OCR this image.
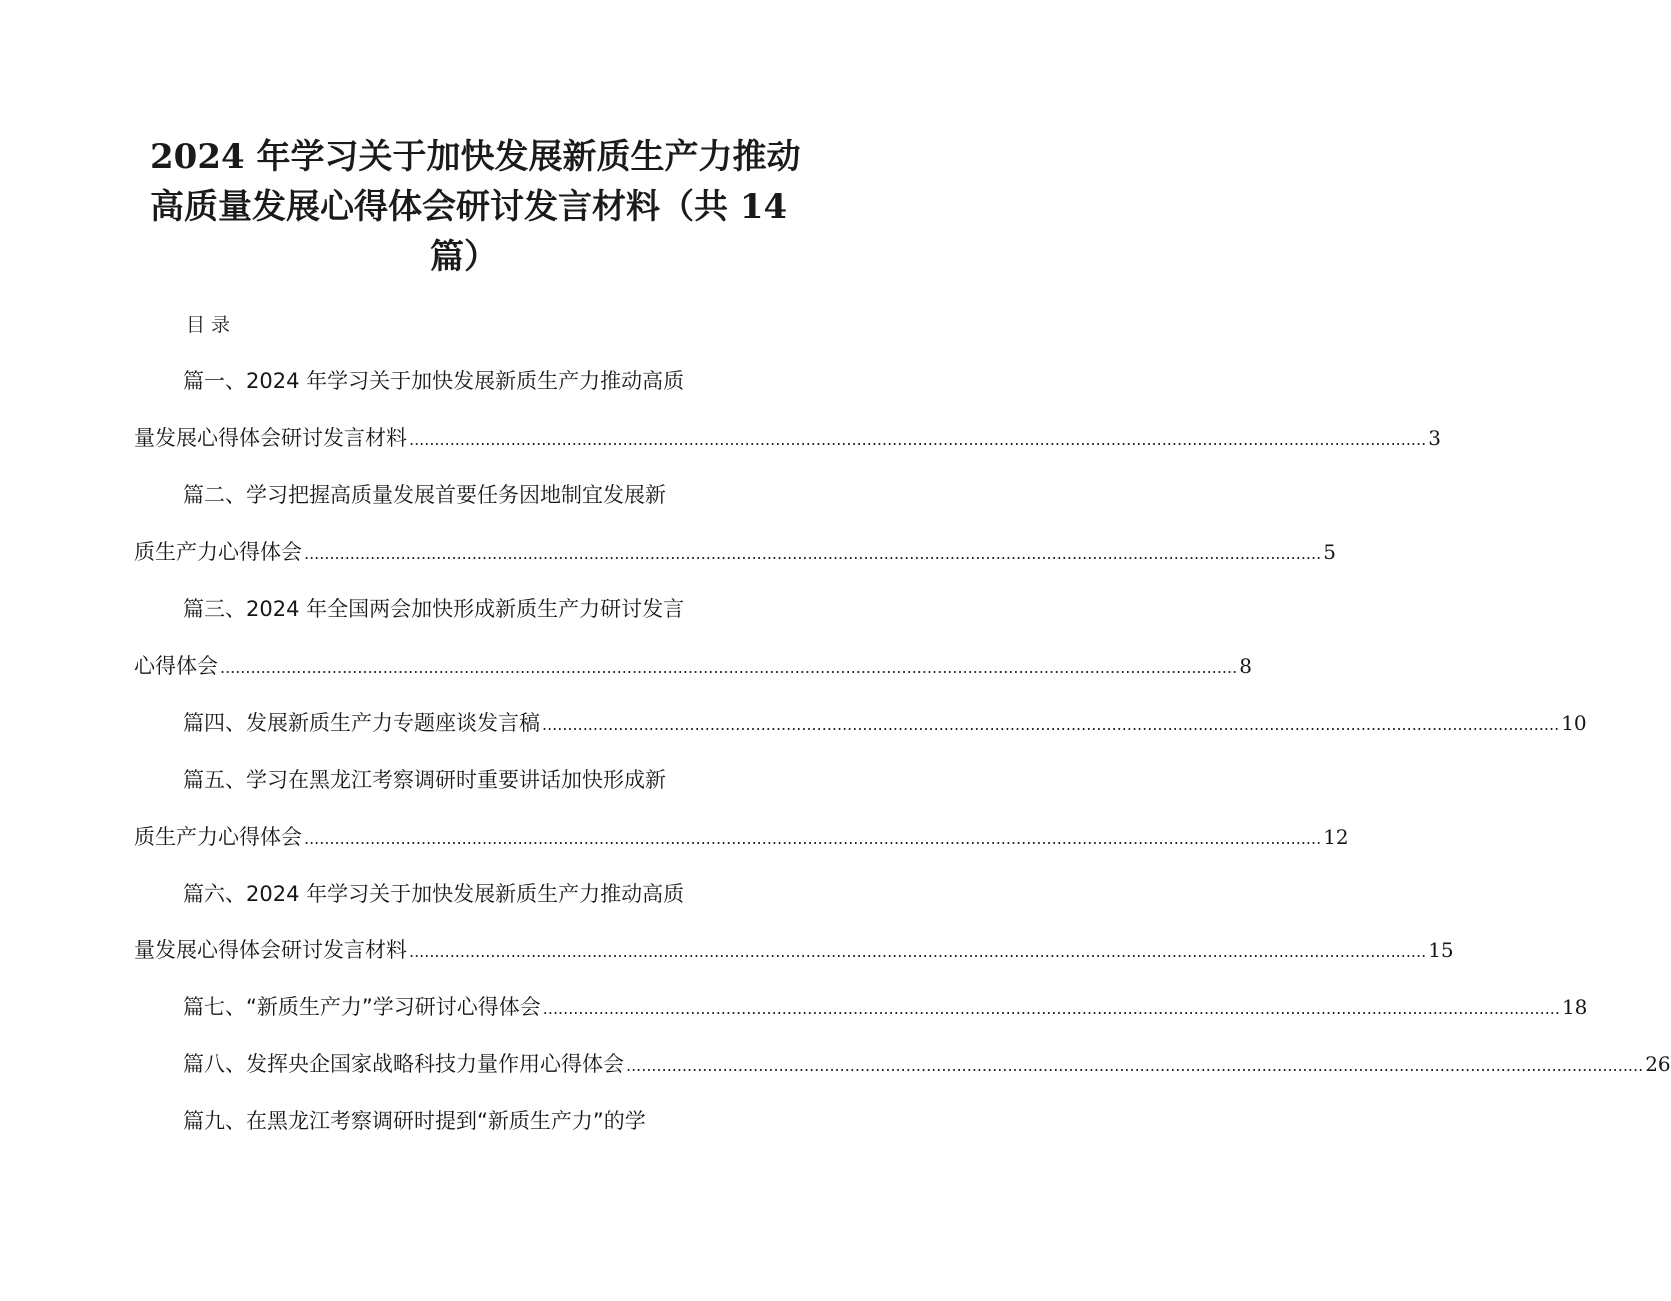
2024 年学习关于加快发展新质生产力推动
高质量发展心得体会研讨发言材料（共 14
篇）
目录
篇一、2024 年学习关于加快发展新质生产力推动高质
量发展心得体会研讨发言材料 ........................................................................................................................................................................................................ 3
篇二、学习把握高质量发展首要任务因地制宜发展新
质生产力心得体会 ........................................................................................................................................................................................................ 5
篇三、2024 年全国两会加快形成新质生产力研讨发言
心得体会 ........................................................................................................................................................................................................ 8
篇四、发展新质生产力专题座谈发言稿 ........................................................................................................................................................................................................ 10
篇五、学习在黑龙江考察调研时重要讲话加快形成新
质生产力心得体会 ........................................................................................................................................................................................................ 12
篇六、2024 年学习关于加快发展新质生产力推动高质
量发展心得体会研讨发言材料 ........................................................................................................................................................................................................ 15
篇七、“新质生产力”学习研讨心得体会 ........................................................................................................................................................................................................ 18
篇八、发挥央企国家战略科技力量作用心得体会 ........................................................................................................................................................................................................ 26
篇九、在黑龙江考察调研时提到“新质生产力”的学
